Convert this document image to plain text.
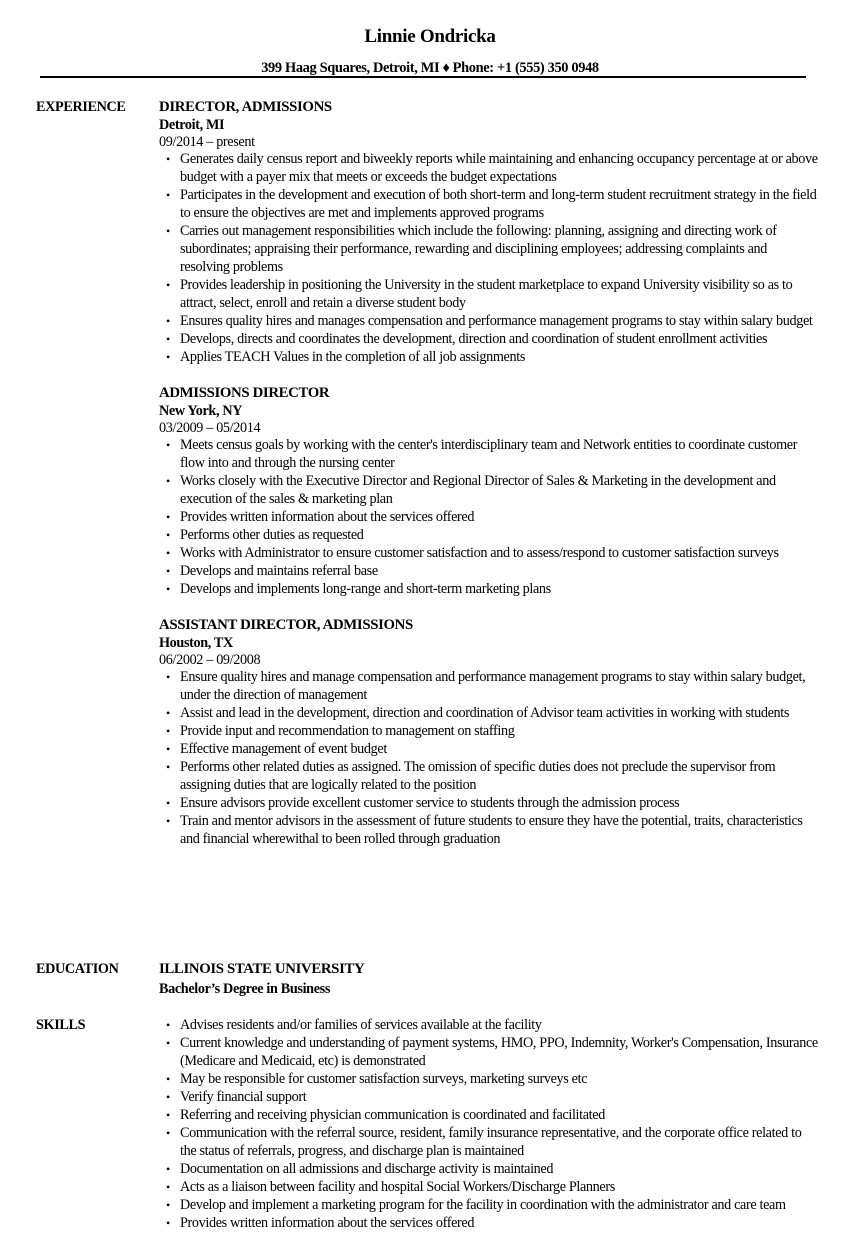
Linnie Ondricka
399 Haag Squares, Detroit, MI ♦ Phone: +1 (555) 350 0948
EXPERIENCE DIRECTOR, ADMISSIONS
Detroit, MI
09/2014 – present
• Generates daily census report and biweekly reports while maintaining and enhancing occupancy percentage at or above budget with a payer mix that meets or exceeds the budget expectations
• Participates in the development and execution of both short-term and long-term student recruitment strategy in the field to ensure the objectives are met and implements approved programs
• Carries out management responsibilities which include the following: planning, assigning and directing work of subordinates; appraising their performance, rewarding and disciplining employees; addressing complaints and resolving problems
• Provides leadership in positioning the University in the student marketplace to expand University visibility so as to attract, select, enroll and retain a diverse student body
• Ensures quality hires and manages compensation and performance management programs to stay within salary budget
• Develops, directs and coordinates the development, direction and coordination of student enrollment activities
• Applies TEACH Values in the completion of all job assignments
ADMISSIONS DIRECTOR
New York, NY
03/2009 – 05/2014
• Meets census goals by working with the center's interdisciplinary team and Network entities to coordinate customer flow into and through the nursing center
• Works closely with the Executive Director and Regional Director of Sales & Marketing in the development and execution of the sales & marketing plan
• Provides written information about the services offered
• Performs other duties as requested
• Works with Administrator to ensure customer satisfaction and to assess/respond to customer satisfaction surveys
• Develops and maintains referral base
• Develops and implements long-range and short-term marketing plans
ASSISTANT DIRECTOR, ADMISSIONS
Houston, TX
06/2002 – 09/2008
• Ensure quality hires and manage compensation and performance management programs to stay within salary budget, under the direction of management
• Assist and lead in the development, direction and coordination of Advisor team activities in working with students
• Provide input and recommendation to management on staffing
• Effective management of event budget
• Performs other related duties as assigned. The omission of specific duties does not preclude the supervisor from assigning duties that are logically related to the position
• Ensure advisors provide excellent customer service to students through the admission process
• Train and mentor advisors in the assessment of future students to ensure they have the potential, traits, characteristics and financial wherewithal to been rolled through graduation
EDUCATION	ILLINOIS STATE UNIVERSITY
Bachelor’s Degree in Business
SKILLS	• Advises residents and/or families of services available at the facility
• Current knowledge and understanding of payment systems, HMO, PPO, Indemnity, Worker's Compensation, Insurance (Medicare and Medicaid, etc) is demonstrated
• May be responsible for customer satisfaction surveys, marketing surveys etc
• Verify financial support
• Referring and receiving physician communication is coordinated and facilitated
• Communication with the referral source, resident, family insurance representative, and the corporate office related to the status of referrals, progress, and discharge plan is maintained
• Documentation on all admissions and discharge activity is maintained
• Acts as a liaison between facility and hospital Social Workers/Discharge Planners
• Develop and implement a marketing program for the facility in coordination with the administrator and care team
• Provides written information about the services offered
